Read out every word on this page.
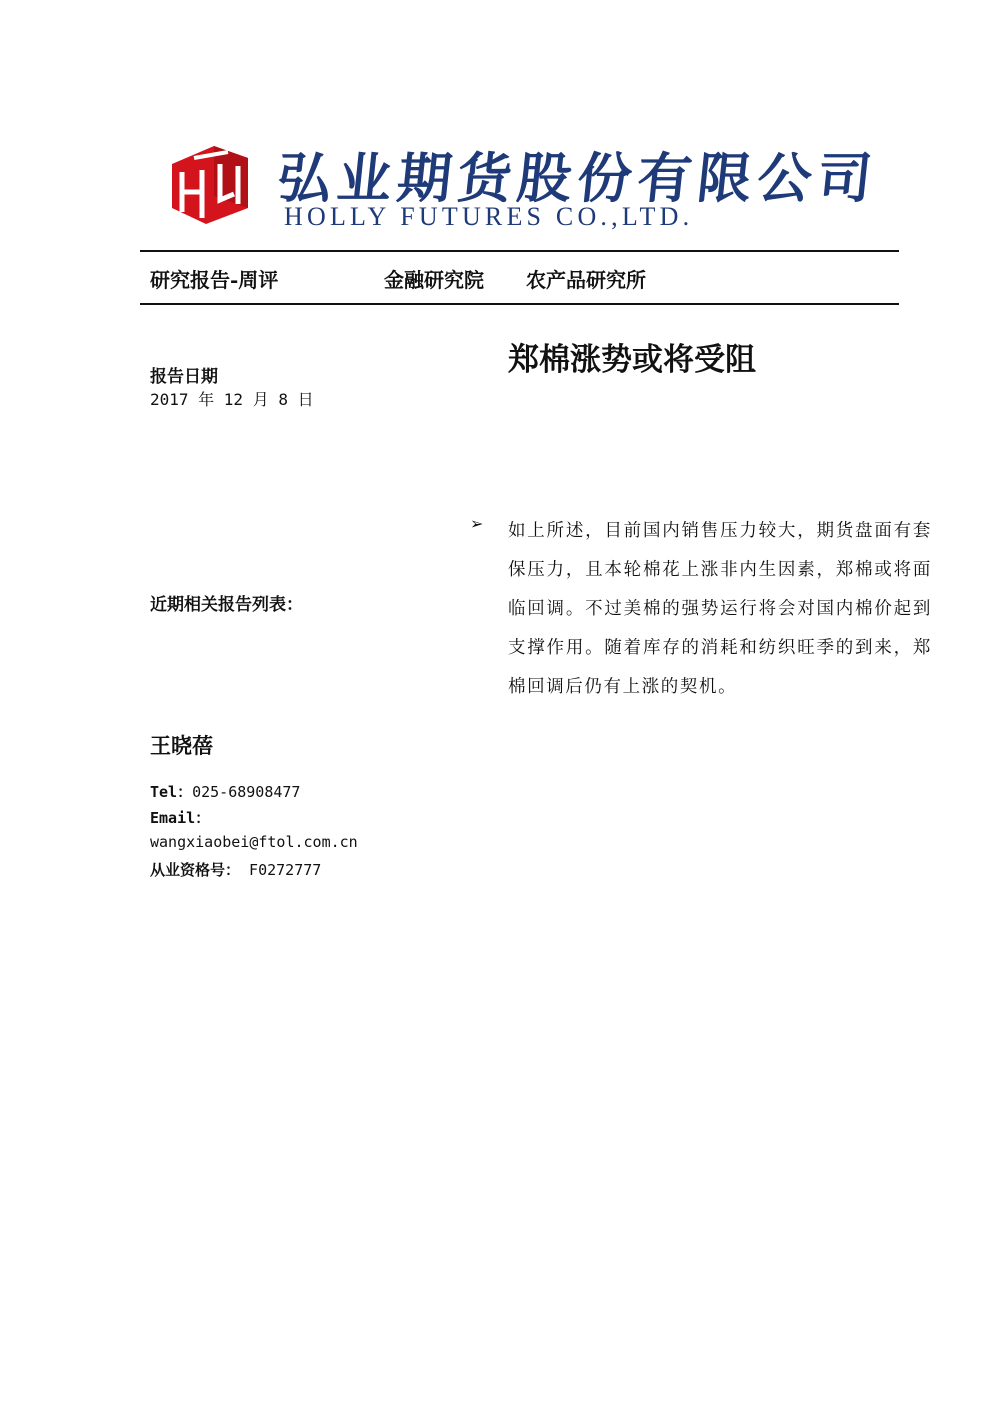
弘业期货股份有限公司
HOLLY FUTURES CO.,LTD.
研究报告-周评	金融研究院 农产品研究所
郑棉涨势或将受阻
报告日期
2017 年 12 月 8 日
近期相关报告列表：
➢ 如上所述，目前国内销售压力较大，期货盘面有套保压力，且本轮棉花上涨非内生因素，郑棉或将面临回调。不过美棉的强势运行将会对国内棉价起到支撑作用。随着库存的消耗和纺织旺季的到来，郑棉回调后仍有上涨的契机。
王晓蓓
Tel：025-68908477
Email：
wangxiaobei@ftol.com.cn
从业资格号： F0272777
